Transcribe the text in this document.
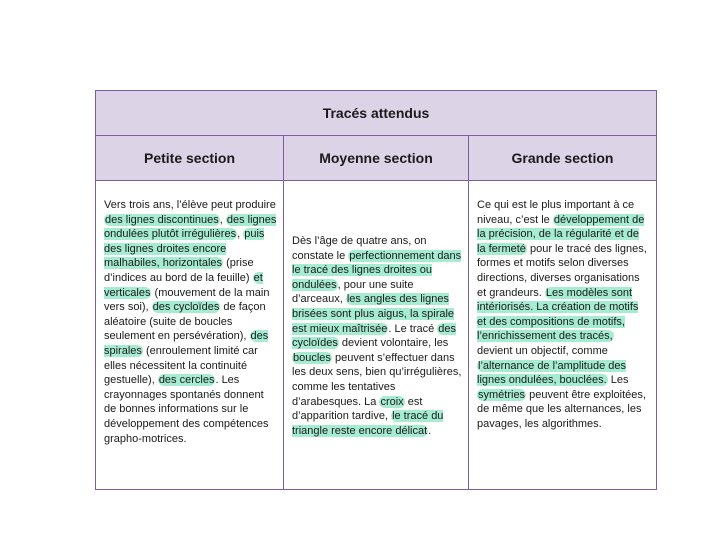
Tracés attendus
Petite section	Moyenne section	Grande section
Vers trois ans, l’élève peut produire des lignes discontinues, des lignes ondulées plutôt irrégulières, puis des lignes droites encore malhabiles, horizontales (prise d’indices au bord de la feuille) et verticales (mouvement de la main vers soi), des cycloïdes de façon aléatoire (suite de boucles seulement en persévération), des spirales (enroulement limité car elles nécessitent la continuité gestuelle), des cercles. Les crayonnages spontanés donnent de bonnes informations sur le développement des compétences grapho-motrices.
Dès l’âge de quatre ans, on constate le perfectionnement dans le tracé des lignes droites ou ondulées, pour une suite d’arceaux, les angles des lignes brisées sont plus aigus, la spirale est mieux maîtrisée. Le tracé des cycloïdes devient volontaire, les boucles peuvent s’effectuer dans les deux sens, bien qu’irrégulières, comme les tentatives d’arabesques. La croix est d’apparition tardive, le tracé du triangle reste encore délicat.
Ce qui est le plus important à ce niveau, c’est le développement de la précision, de la régularité et de la fermeté pour le tracé des lignes, formes et motifs selon diverses directions, diverses organisations et grandeurs. Les modèles sont intériorisés. La création de motifs et des compositions de motifs, l’enrichissement des tracés, devient un objectif, comme l’alternance de l’amplitude des lignes ondulées, bouclées. Les symétries peuvent être exploitées, de même que les alternances, les pavages, les algorithmes.
